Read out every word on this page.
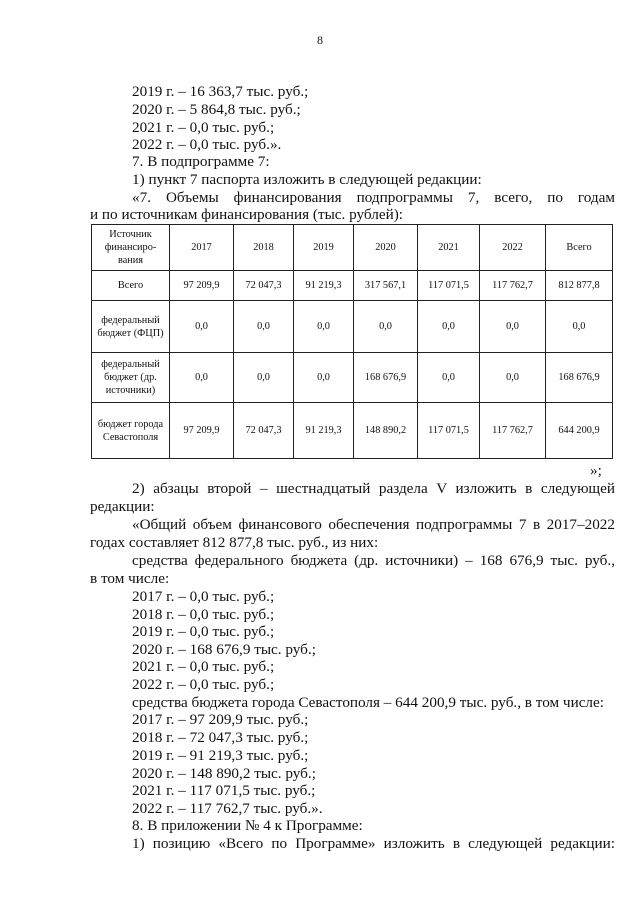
8
2019 г. – 16 363,7 тыс. руб.;
2020 г. – 5 864,8 тыс. руб.;
2021 г. – 0,0 тыс. руб.;
2022 г. – 0,0 тыс. руб.».
7. В подпрограмме 7:
1) пункт 7 паспорта изложить в следующей редакции:
«7. Объемы финансирования подпрограммы 7, всего, по годам
и по источникам финансирования (тыс. рублей):
Источник финансиро-вания	2017	2018	2019	2020	2021	2022	Всего
Всего	97 209,9	72 047,3	91 219,3	317 567,1	117 071,5	117 762,7	812 877,8
федеральный бюджет (ФЦП)	0,0	0,0	0,0	0,0	0,0	0,0	0,0
федеральный бюджет (др. источники)	0,0	0,0	0,0	168 676,9	0,0	0,0	168 676,9
бюджет города Севастополя	97 209,9	72 047,3	91 219,3	148 890,2	117 071,5	117 762,7	644 200,9
»;
2) абзацы второй – шестнадцатый раздела V изложить в следующей
редакции:
«Общий объем финансового обеспечения подпрограммы 7 в 2017–2022
годах составляет 812 877,8 тыс. руб., из них:
средства федерального бюджета (др. источники) – 168 676,9 тыс. руб.,
в том числе:
2017 г. – 0,0 тыс. руб.;
2018 г. – 0,0 тыс. руб.;
2019 г. – 0,0 тыс. руб.;
2020 г. – 168 676,9 тыс. руб.;
2021 г. – 0,0 тыс. руб.;
2022 г. – 0,0 тыс. руб.;
средства бюджета города Севастополя – 644 200,9 тыс. руб., в том числе:
2017 г. – 97 209,9 тыс. руб.;
2018 г. – 72 047,3 тыс. руб.;
2019 г. – 91 219,3 тыс. руб.;
2020 г. – 148 890,2 тыс. руб.;
2021 г. – 117 071,5 тыс. руб.;
2022 г. – 117 762,7 тыс. руб.».
8. В приложении № 4 к Программе:
1) позицию «Всего по Программе» изложить в следующей редакции:
